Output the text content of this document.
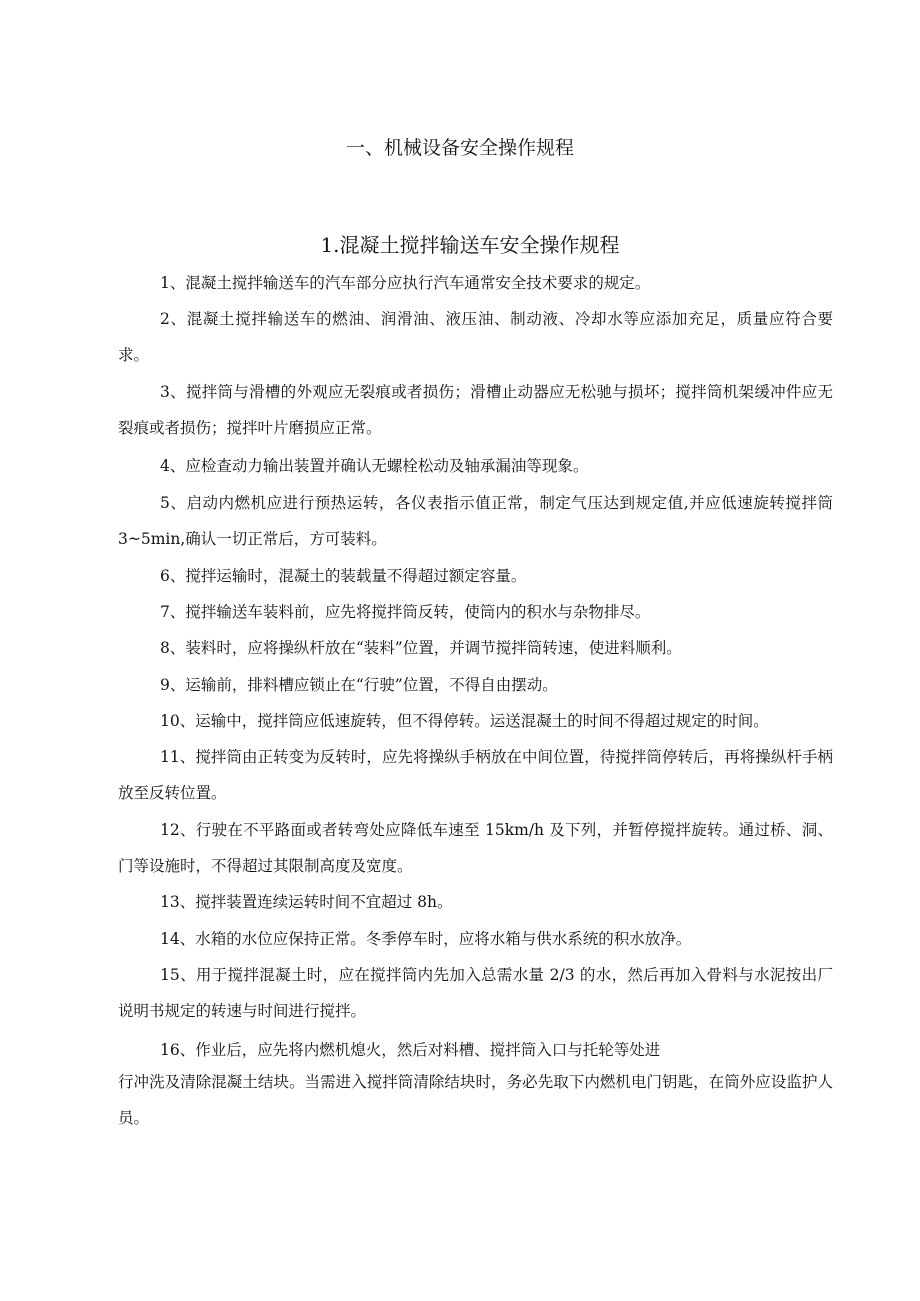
一、机械设备安全操作规程
1.混凝土搅拌输送车安全操作规程

1、混凝土搅拌输送车的汽车部分应执行汽车通常安全技术要求的规定。

2、混凝土搅拌输送车的燃油、润滑油、液压油、制动液、冷却水等应添加充足，质量应符合要求。

3、搅拌筒与滑槽的外观应无裂痕或者损伤；滑槽止动器应无松驰与损坏；搅拌筒机架缓冲件应无裂痕或者损伤；搅拌叶片磨损应正常。

4、应检查动力输出装置并确认无螺栓松动及轴承漏油等现象。

5、启动内燃机应进行预热运转，各仪表指示值正常，制定气压达到规定值,并应低速旋转搅拌筒 3~5min,确认一切正常后，方可装料。

6、搅拌运输时，混凝土的装载量不得超过额定容量。

7、搅拌输送车装料前，应先将搅拌筒反转，使筒内的积水与杂物排尽。

8、装料时，应将操纵杆放在“装料”位置，并调节搅拌筒转速，使进料顺利。

9、运输前，排料槽应锁止在“行驶”位置，不得自由摆动。

10、运输中，搅拌筒应低速旋转，但不得停转。运送混凝土的时间不得超过规定的时间。

11、搅拌筒由正转变为反转时，应先将操纵手柄放在中间位置，待搅拌筒停转后，再将操纵杆手柄放至反转位置。

12、行驶在不平路面或者转弯处应降低车速至 15km/h 及下列，并暂停搅拌旋转。通过桥、洞、门等设施时，不得超过其限制高度及宽度。

13、搅拌装置连续运转时间不宜超过 8h。

14、水箱的水位应保持正常。冬季停车时，应将水箱与供水系统的积水放净。

15、用于搅拌混凝土时，应在搅拌筒内先加入总需水量 2/3 的水，然后再加入骨料与水泥按出厂说明书规定的转速与时间进行搅拌。

16、作业后，应先将内燃机熄火，然后对料槽、搅拌筒入口与托轮等处进

行冲洗及清除混凝土结块。当需进入搅拌筒清除结块时，务必先取下内燃机电门钥匙，在筒外应设监护人员。
